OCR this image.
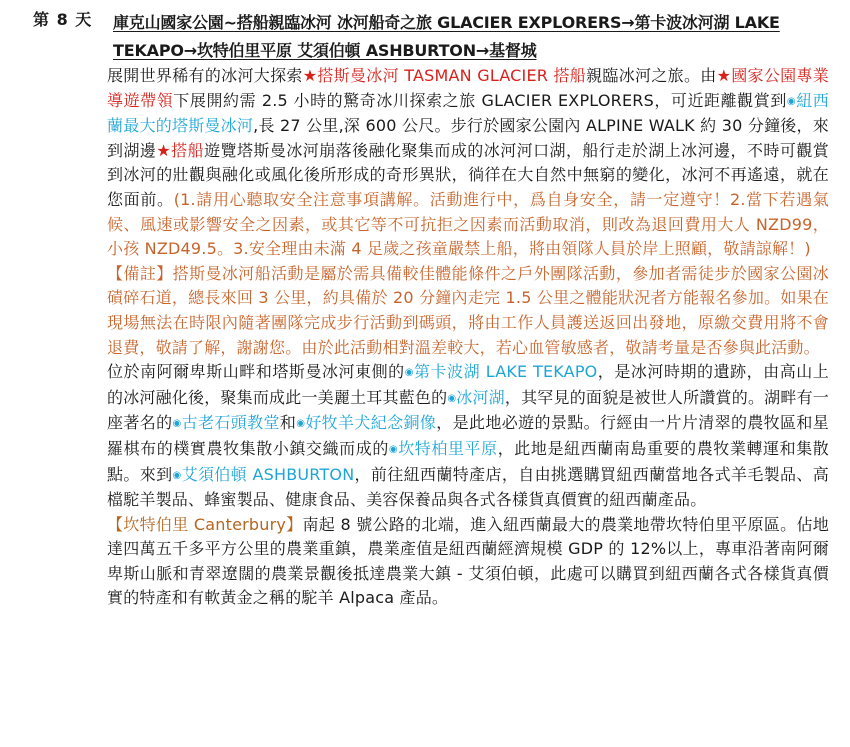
第 8 天 庫克山國家公園~搭船親臨冰河 冰河船奇之旅 GLACIER EXPLORERS→第卡波冰河湖 LAKE TEKAPO→坎特伯里平原 艾須伯頓 ASHBURTON→基督城

展開世界稀有的冰河大探索★搭斯曼冰河 TASMAN GLACIER 搭船親臨冰河之旅。由★國家公園專業導遊帶領下展開約需 2.5 小時的驚奇冰川探索之旅 GLACIER EXPLORERS，可近距離觀賞到◉紐西蘭最大的塔斯曼冰河,長 27 公里,深 600 公尺。步行於國家公園內 ALPINE WALK 約 30 分鐘後，來到湖邊★搭船遊覽塔斯曼冰河崩落後融化聚集而成的冰河河口湖，船行走於湖上冰河邊，不時可觀賞到冰河的壯觀與融化或風化後所形成的奇形異狀，徜徉在大自然中無窮的變化，冰河不再遙遠，就在您面前。(1.請用心聽取安全注意事項講解。活動進行中，爲自身安全，請一定遵守！2.當下若遇氣候、風速或影響安全之因素，或其它等不可抗拒之因素而活動取消，則改為退回費用大人 NZD99，小孩 NZD49.5。3.安全理由未滿 4 足歲之孩童嚴禁上船，將由領隊人員於岸上照顧，敬請諒解！)

【備註】搭斯曼冰河船活動是屬於需具備較佳體能條件之戶外團隊活動，參加者需徒步於國家公園冰磧碎石道，總長來回 3 公里，約具備於 20 分鐘內走完 1.5 公里之體能狀況者方能報名參加。如果在現場無法在時限內隨著團隊完成步行活動到碼頭，將由工作人員護送返回出發地，原繳交費用將不會退費，敬請了解，謝謝您。由於此活動相對溫差較大，若心血管敏感者，敬請考量是否參與此活動。

位於南阿爾卑斯山畔和塔斯曼冰河東側的◉第卡波湖 LAKE TEKAPO，是冰河時期的遺跡，由高山上的冰河融化後，聚集而成此一美麗土耳其藍色的◉冰河湖，其罕見的面貌是被世人所讚賞的。湖畔有一座著名的◉古老石頭教堂和◉好牧羊犬紀念銅像，是此地必遊的景點。行經由一片片清翠的農牧區和星羅棋布的樸實農牧集散小鎮交織而成的◉坎特柏里平原，此地是紐西蘭南島重要的農牧業轉運和集散點。來到◉艾須伯頓 ASHBURTON，前往紐西蘭特產店，自由挑選購買紐西蘭當地各式羊毛製品、高檔駝羊製品、蜂蜜製品、健康食品、美容保養品與各式各樣貨真價實的紐西蘭產品。

【坎特伯里 Canterbury】南起 8 號公路的北端，進入紐西蘭最大的農業地帶坎特伯里平原區。佔地達四萬五千多平方公里的農業重鎮，農業產值是紐西蘭經濟規模 GDP 的 12%以上，專車沿著南阿爾卑斯山脈和青翠遼闊的農業景觀後抵達農業大鎮 - 艾須伯頓，此處可以購買到紐西蘭各式各樣貨真價實的特產和有軟黃金之稱的駝羊 Alpaca 產品。
